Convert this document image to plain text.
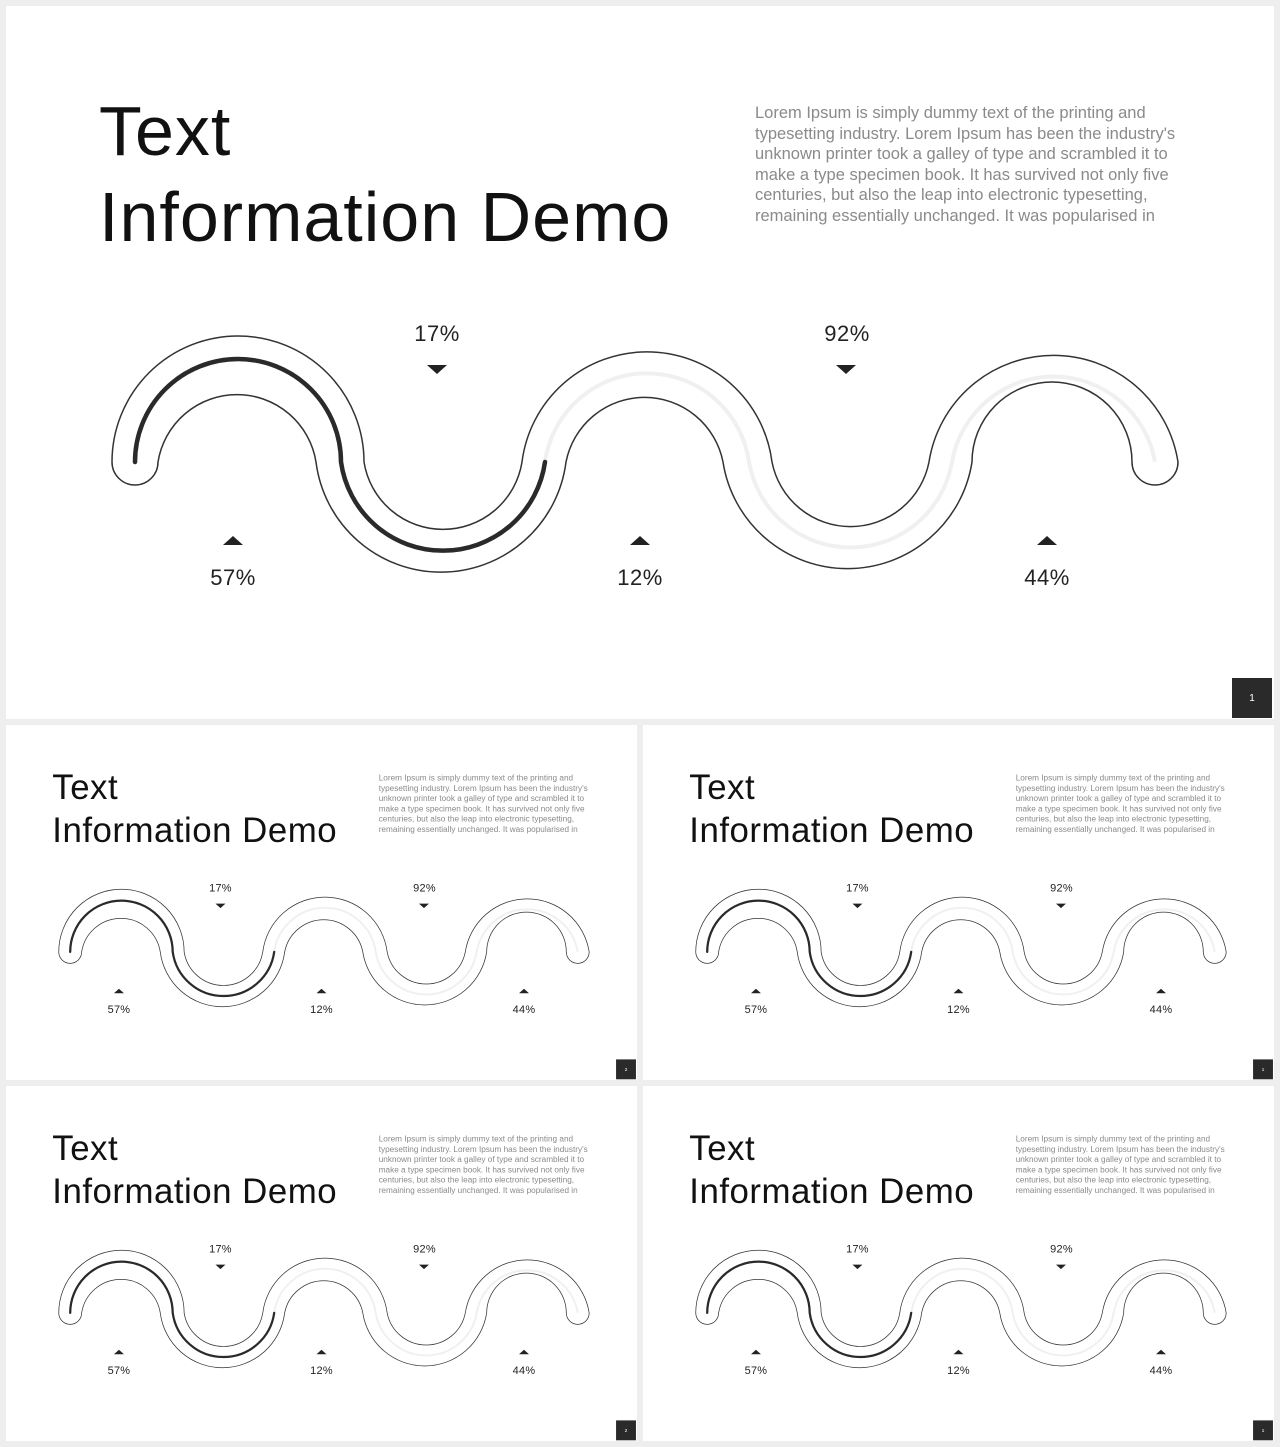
Text
Information Demo
Lorem Ipsum is simply dummy text of the printing and typesetting industry. Lorem Ipsum has been the industry's unknown printer took a galley of type and scrambled it to make a type specimen book. It has survived not only five centuries, but also the leap into electronic typesetting, remaining essentially unchanged. It was popularised in
17%	92%
57%	12%	44%
1
Text
Information Demo
Lorem Ipsum is simply dummy text of the printing and typesetting industry. Lorem Ipsum has been the industry's unknown printer took a galley of type and scrambled it to make a type specimen book. It has survived not only five centuries, but also the leap into electronic typesetting, remaining essentially unchanged. It was popularised in
17%	92%
57%	12%	44%
2
Text
Information Demo
Lorem Ipsum is simply dummy text of the printing and typesetting industry. Lorem Ipsum has been the industry's unknown printer took a galley of type and scrambled it to make a type specimen book. It has survived not only five centuries, but also the leap into electronic typesetting, remaining essentially unchanged. It was popularised in
17%	92%
57%	12%	44%
1
Text
Information Demo
Lorem Ipsum is simply dummy text of the printing and typesetting industry. Lorem Ipsum has been the industry's unknown printer took a galley of type and scrambled it to make a type specimen book. It has survived not only five centuries, but also the leap into electronic typesetting, remaining essentially unchanged. It was popularised in
17%	92%
57%	12%	44%
2
Text
Information Demo
Lorem Ipsum is simply dummy text of the printing and typesetting industry. Lorem Ipsum has been the industry's unknown printer took a galley of type and scrambled it to make a type specimen book. It has survived not only five centuries, but also the leap into electronic typesetting, remaining essentially unchanged. It was popularised in
17%	92%
57%	12%	44%
1
